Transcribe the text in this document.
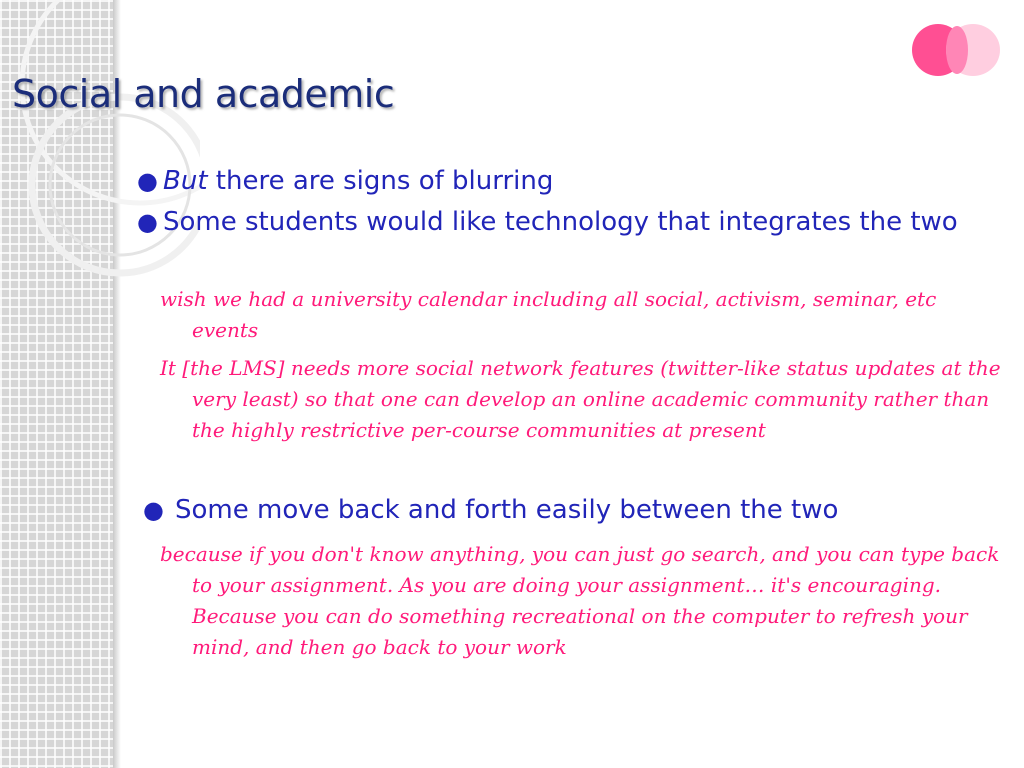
Social and academic

● But there are signs of blurring

● Some students would like technology that integrates the two

wish we had a university calendar including all social, activism, seminar, etc events

It [the LMS] needs more social network features (twitter-like status updates at the very least) so that one can develop an online academic community rather than the highly restrictive per-course communities at present

● Some move back and forth easily between the two

because if you don't know anything, you can just go search, and you can type back to your assignment. As you are doing your assignment… it's encouraging. Because you can do something recreational on the computer to refresh your mind, and then go back to your work
